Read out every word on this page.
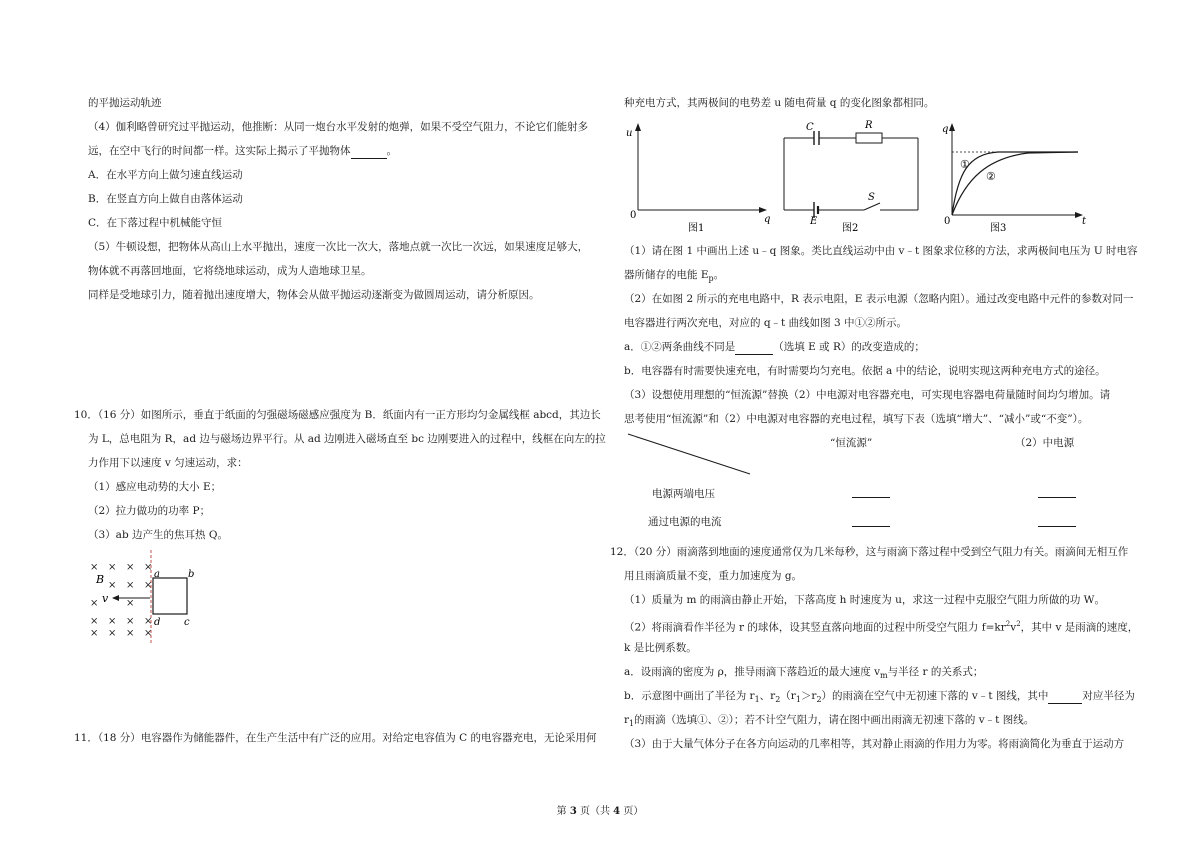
的平抛运动轨迹
（4）伽利略曾研究过平抛运动，他推断：从同一炮台水平发射的炮弹，如果不受空气阻力，不论它们能射多
远，在空中飞行的时间都一样。这实际上揭示了平抛物体	。
A．在水平方向上做匀速直线运动
B．在竖直方向上做自由落体运动
C．在下落过程中机械能守恒
（5）牛顿设想，把物体从高山上水平抛出，速度一次比一次大，落地点就一次比一次远，如果速度足够大，
物体就不再落回地面，它将绕地球运动，成为人造地球卫星。
同样是受地球引力，随着抛出速度增大，物体会从做平抛运动逐渐变为做圆周运动，请分析原因。
10．（16 分）如图所示，垂直于纸面的匀强磁场磁感应强度为 B．纸面内有一正方形均匀金属线框 abcd，其边长
为 L，总电阻为 R，ad 边与磁场边界平行。从 ad 边刚进入磁场直至 bc 边刚要进入的过程中，线框在向左的拉
力作用下以速度 v 匀速运动，求：
（1）感应电动势的大小 E；
（2）拉力做功的功率 P；
（3）ab 边产生的焦耳热 Q。
× × × ×
× × ×
×	×
× × × ×
× × × ×
B
v
a	b
d c
11．（18 分）电容器作为储能器件，在生产生活中有广泛的应用。对给定电容值为 C 的电容器充电，无论采用何
种充电方式，其两极间的电势差 u 随电荷量 q 的变化图象都相同。
u
q
0
图1
C	R
S
E
图2
q
t
0
①
②
图3
（1）请在图 1 中画出上述 u﹣q 图象。类比直线运动中由 v﹣t 图象求位移的方法，求两极间电压为 U 时电容
器所储存的电能 $E_p$。
（2）在如图 2 所示的充电电路中，R 表示电阻，E 表示电源（忽略内阻）。通过改变电路中元件的参数对同一
电容器进行两次充电，对应的 q﹣t 曲线如图 3 中①②所示。
a．①②两条曲线不同是	（选填 E 或 R）的改变造成的；
b．电容器有时需要快速充电，有时需要均匀充电。依据 a 中的结论，说明实现这两种充电方式的途径。
（3）设想使用理想的“恒流源”替换（2）中电源对电容器充电，可实现电容器电荷量随时间均匀增加。请
思考使用“恒流源”和（2）中电源对电容器的充电过程，填写下表（选填“增大”、“减小”或“不变”）。
“恒流源”	（2）中电源
电源两端电压
通过电源的电流
12．（20 分）雨滴落到地面的速度通常仅为几米每秒，这与雨滴下落过程中受到空气阻力有关。雨滴间无相互作
用且雨滴质量不变，重力加速度为 g。
（1）质量为 m 的雨滴由静止开始，下落高度 h 时速度为 u，求这一过程中克服空气阻力所做的功 W。
（2）将雨滴看作半径为 r 的球体，设其竖直落向地面的过程中所受空气阻力 $f=kr^2v^2$，其中 v 是雨滴的速度，
k 是比例系数。
a．设雨滴的密度为 ρ，推导雨滴下落趋近的最大速度 $v_m$与半径 r 的关系式；
b．示意图中画出了半径为 $r_1$、$r_2(r_1>r_2)$的雨滴在空气中无初速下落的 v﹣t 图线，其中	对应半径为
$r_1$的雨滴（选填①、②）；若不计空气阻力，请在图中画出雨滴无初速下落的 v﹣t 图线。
（3）由于大量气体分子在各方向运动的几率相等，其对静止雨滴的作用力为零。将雨滴简化为垂直于运动方
第 3 页（共 4 页）
